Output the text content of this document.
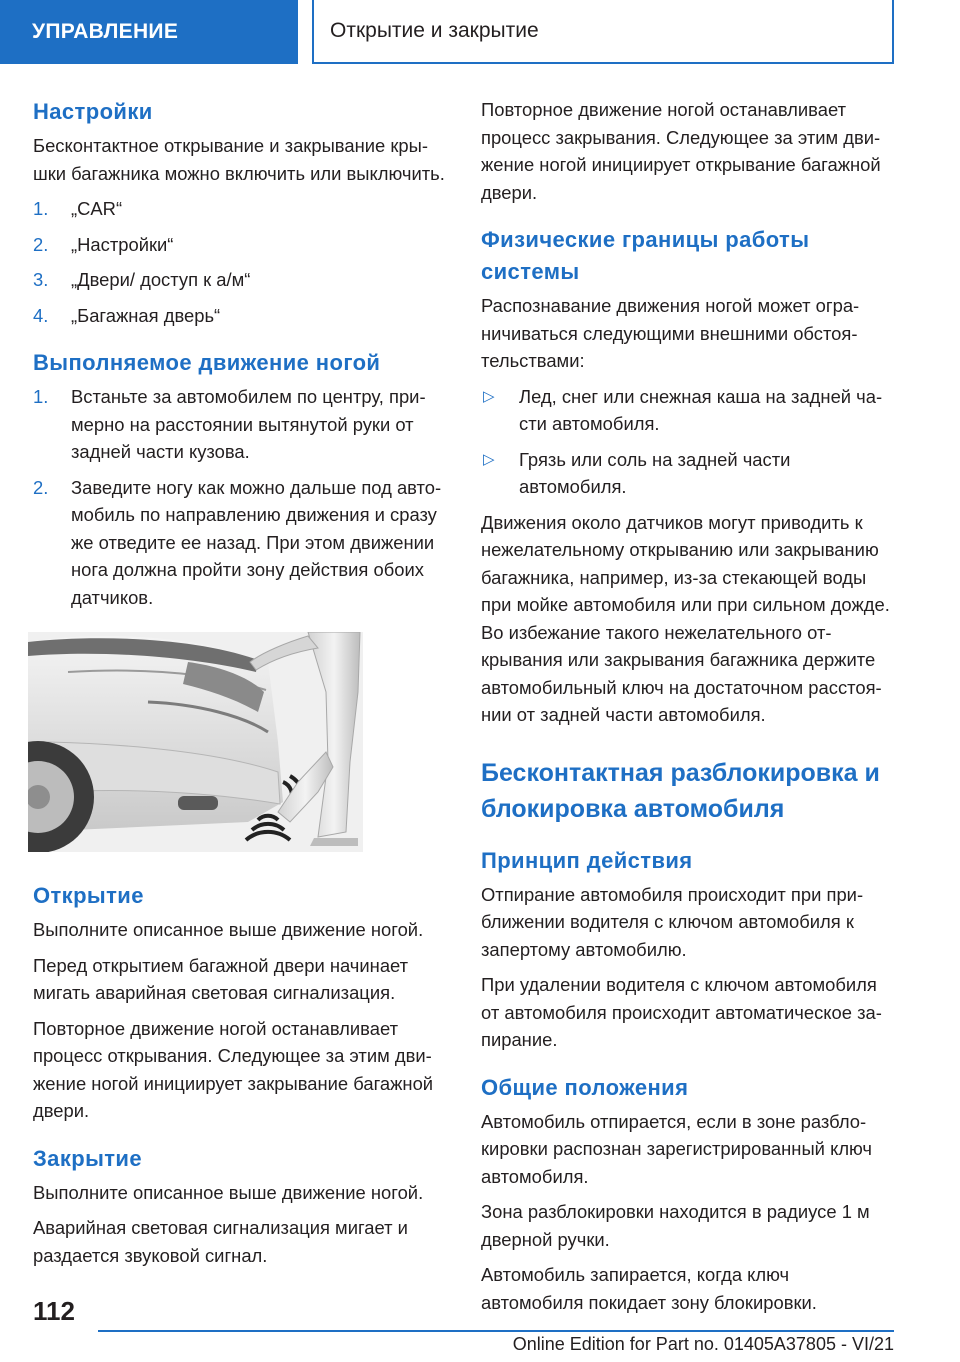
УПРАВЛЕНИЕ	Открытие и закрытие
Настройки

Бесконтактное открывание и закрывание крышки багажника можно включить или выключить.

1. „CAR“
2. „Настройки“
3. „Двери/ доступ к а/м“
4. „Багажная дверь“
Выполняемое движение ногой
1. Встаньте за автомобилем по центру, примерно на расстоянии вытянутой руки от задней части кузова.
2. Заведите ногу как можно дальше под автомобиль по направлению движения и сразу же отведите ее назад. При этом движении нога должна пройти зону действия обоих датчиков.
Открытие

Выполните описанное выше движение ногой.

Перед открытием багажной двери начинает мигать аварийная световая сигнализация.

Повторное движение ногой останавливает процесс открывания. Следующее за этим движение ногой инициирует закрывание багажной двери.

Закрытие

Выполните описанное выше движение ногой.

Аварийная световая сигнализация мигает и раздается звуковой сигнал.

Повторное движение ногой останавливает процесс закрывания. Следующее за этим движение ногой инициирует открывание багажной двери.

Физические границы работы системы

Распознавание движения ногой может ограничиваться следующими внешними обстоятельствами:

▷ Лед, снег или снежная каша на задней части автомобиля.
▷ Грязь или соль на задней части автомобиля.

Движения около датчиков могут приводить к нежелательному открыванию или закрыванию багажника, например, из-за стекающей воды при мойке автомобиля или при сильном дожде. Во избежание такого нежелательного открывания или закрывания багажника держите автомобильный ключ на достаточном расстоянии от задней части автомобиля.

Бесконтактная разблокировка и блокировка автомобиля
Принцип действия

Отпирание автомобиля происходит при приближении водителя с ключом автомобиля к запертому автомобилю.

При удалении водителя с ключом автомобиля от автомобиля происходит автоматическое запирание.

Общие положения

Автомобиль отпирается, если в зоне разблокировки распознан зарегистрированный ключ автомобиля.

Зона разблокировки находится в радиусе 1 м дверной ручки.

Автомобиль запирается, когда ключ автомобиля покидает зону блокировки.

112
Online Edition for Part no. 01405A37805 - VI/21
